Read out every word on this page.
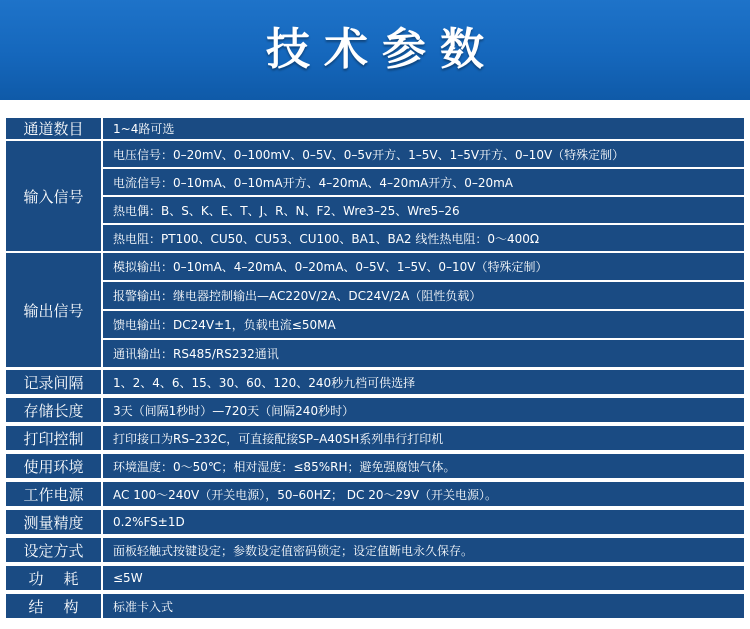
技术参数
通道数目	1~4路可选
输入信号
电压信号：0–20mV、0–100mV、0–5V、0–5v开方、1–5V、1–5V开方、0–10V（特殊定制）
电流信号：0–10mA、0–10mA开方、4–20mA、4–20mA开方、0–20mA
热电偶：B、S、K、E、T、J、R、N、F2、Wre3–25、Wre5–26
热电阻：PT100、CU50、CU53、CU100、BA1、BA2 线性热电阻：0～400Ω
输出信号
模拟输出：0–10mA、4–20mA、0–20mA、0–5V、1–5V、0–10V（特殊定制）
报警输出：继电器控制输出—AC220V/2A、DC24V/2A（阻性负载）
馈电输出：DC24V±1，负载电流≤50MA
通讯输出：RS485/RS232通讯
记录间隔	1、2、4、6、15、30、60、120、240秒九档可供选择
存储长度	3天（间隔1秒时）—720天（间隔240秒时）
打印控制	打印接口为RS–232C，可直接配接SP–A40SH系列串行打印机
使用环境	环境温度：0～50℃；相对湿度：≤85%RH；避免强腐蚀气体。
工作电源	AC 100～240V（开关电源），50–60HZ； DC 20～29V（开关电源）。
测量精度	0.2%FS±1D
设定方式	面板轻触式按键设定；参数设定值密码锁定；设定值断电永久保存。
功耗	≤5W
结构	标准卡入式
